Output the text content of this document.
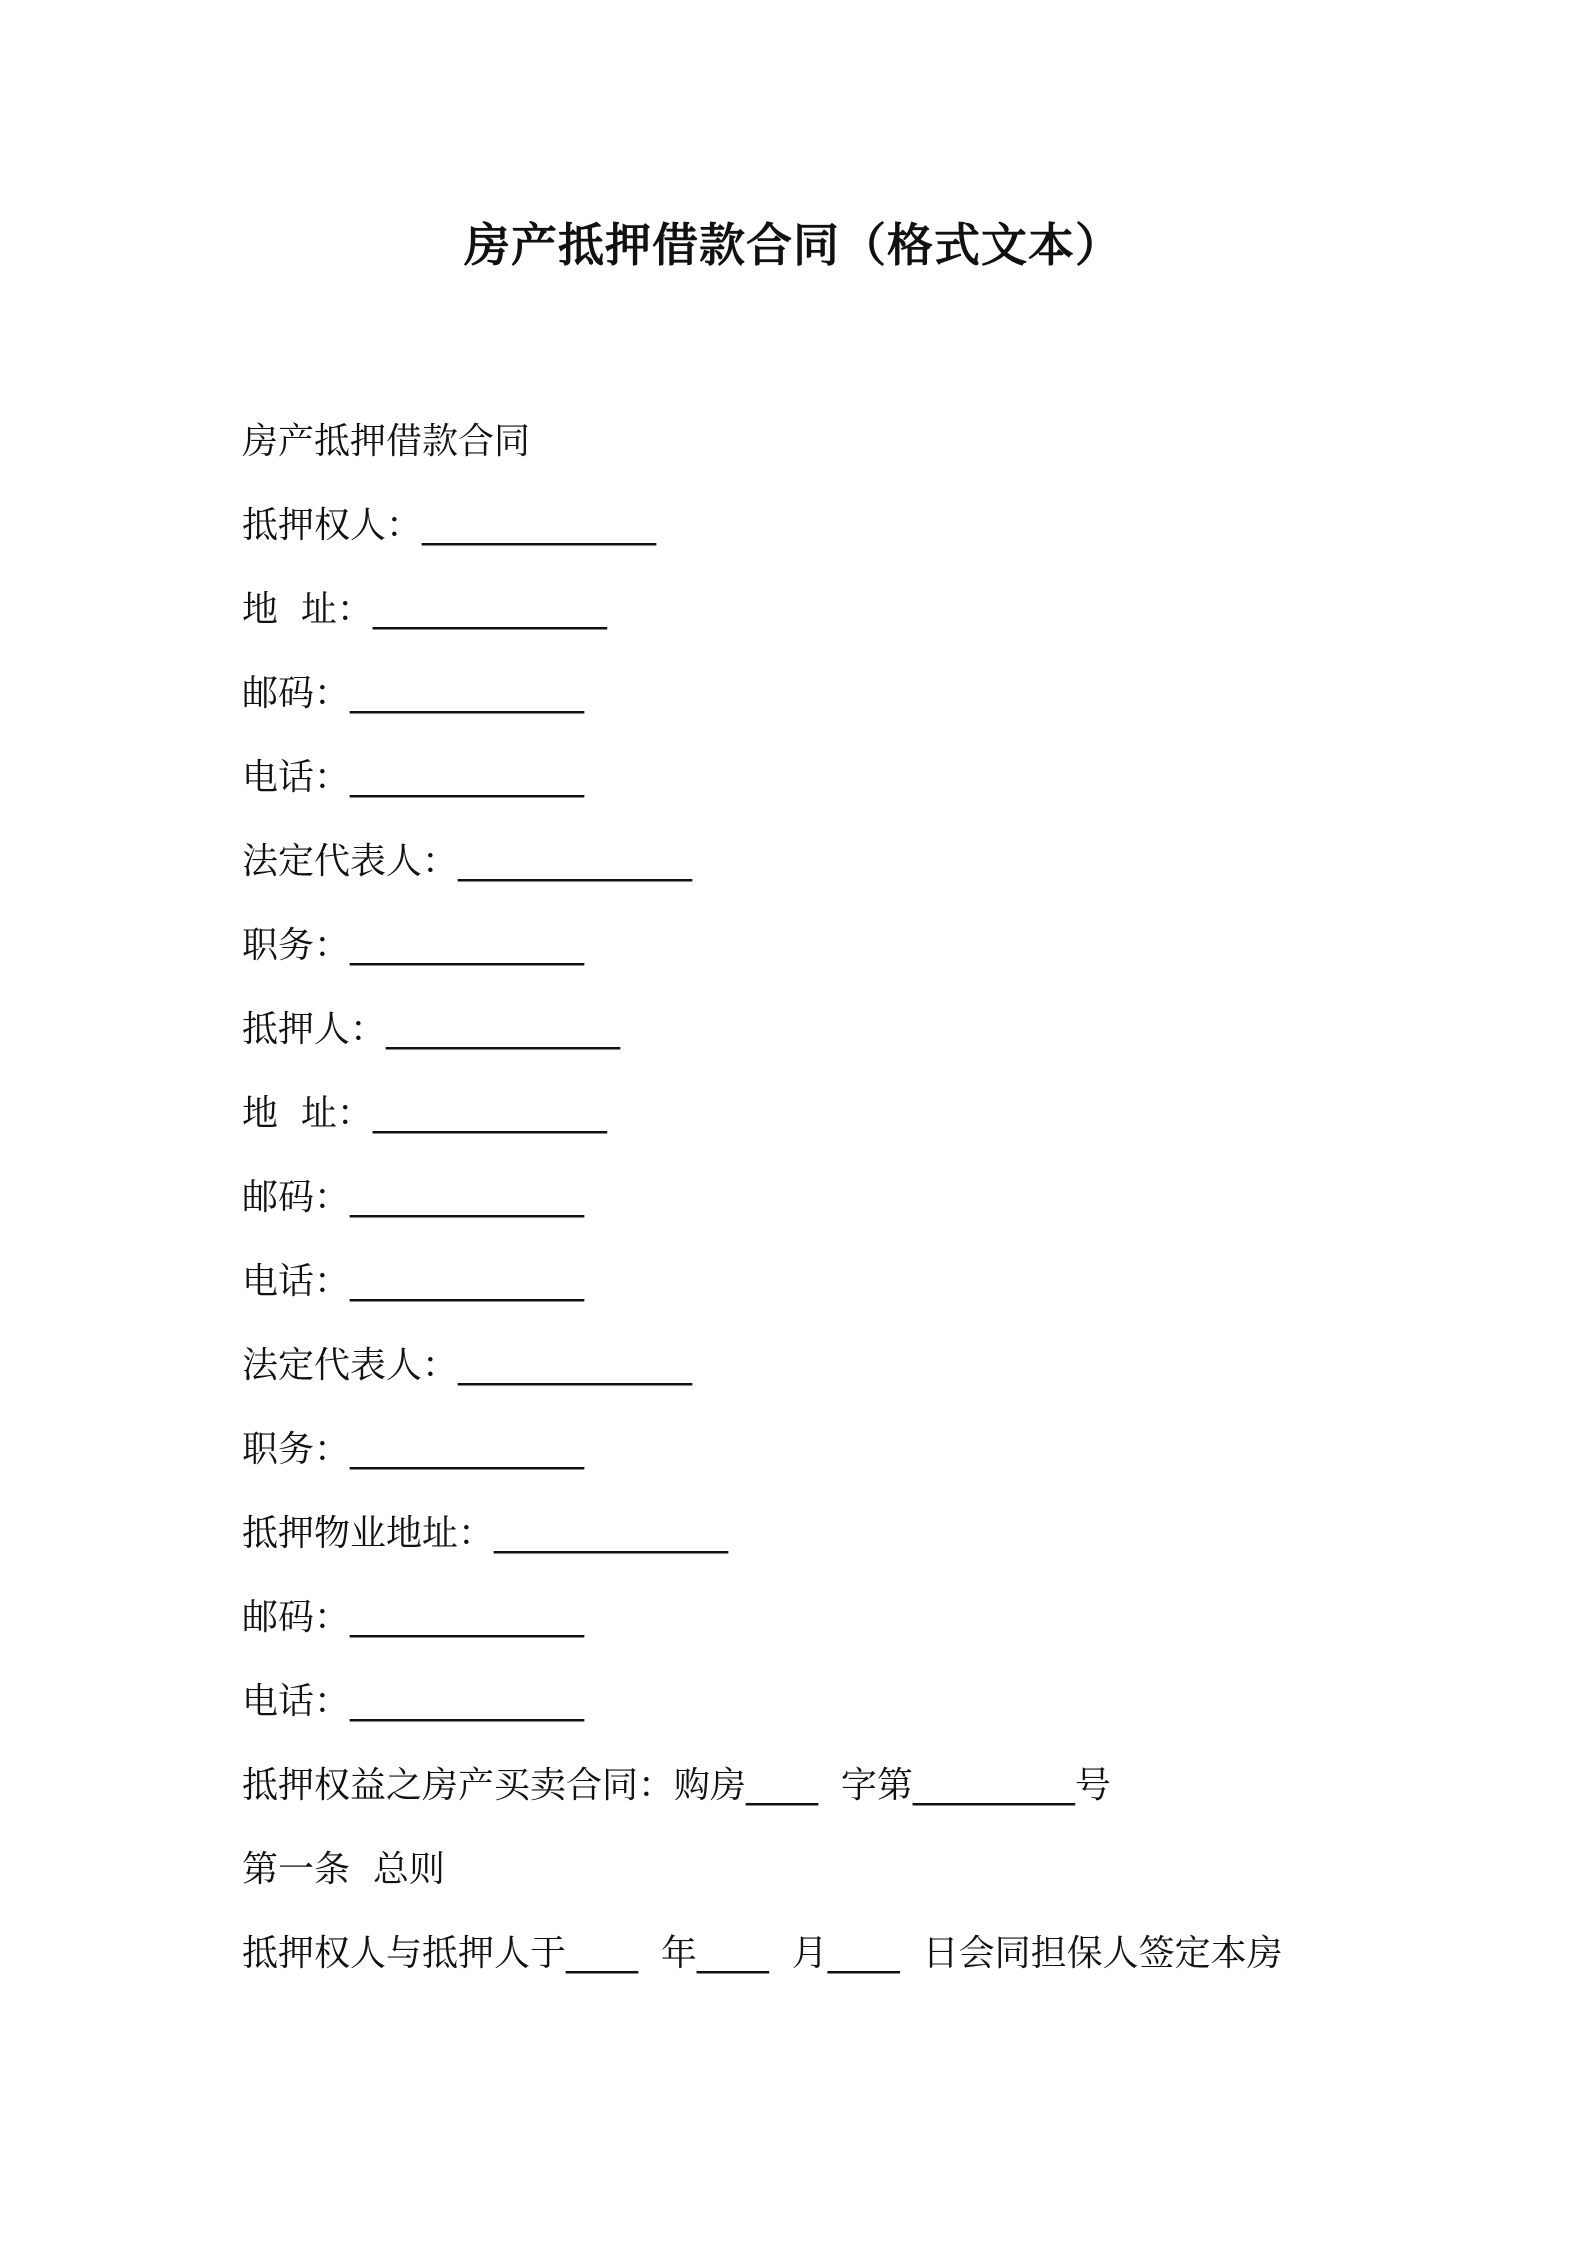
房产抵押借款合同（格式文本）

房产抵押借款合同

抵押权人：_____________

地  址：_____________

邮码：_____________

电话：_____________

法定代表人：_____________

职务：_____________

抵押人：_____________

地  址：_____________

邮码：_____________

电话：_____________

法定代表人：_____________

职务：_____________

抵押物业地址：_____________

邮码：_____________

电话：_____________

抵押权益之房产买卖合同：购房____  字第_________号

第一条  总则

抵押权人与抵押人于____  年____  月____  日会同担保人签定本房
